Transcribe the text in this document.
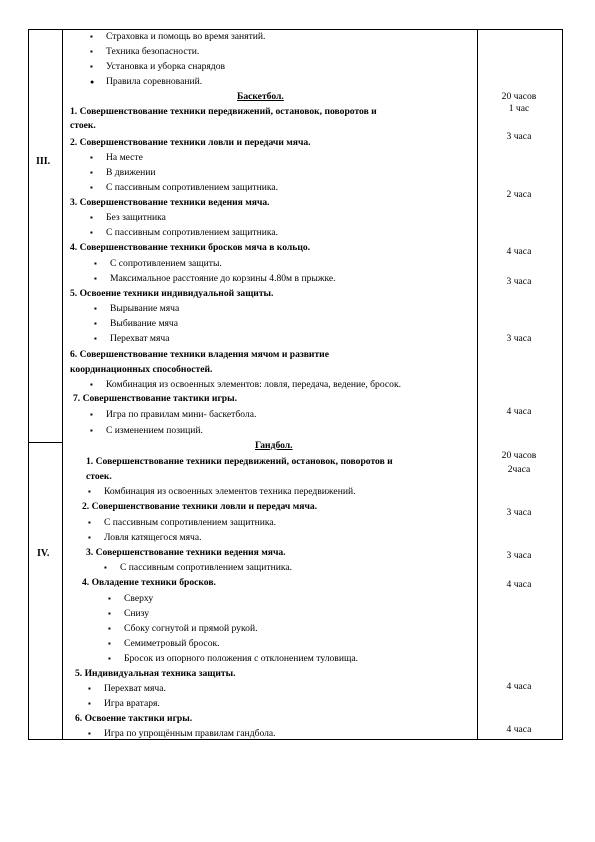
III.
IV.
▪ Страховка и помощь во время занятий.
▪ Техника безопасности.
▪ Установка и уборка снарядов
● Правила соревнований.
Баскетбол.
1. Совершенствование техники передвижений, остановок, поворотов и
стоек.
2. Совершенствование техники ловли и передачи мяча.
▪ На месте
▪ В движении
▪ С пассивным сопротивлением защитника.
3. Совершенствование техники ведения мяча.
▪ Без защитника
▪ С пассивным сопротивлением защитника.
4. Совершенствование техники бросков мяча в кольцо.
▪ С сопротивлением защиты.
▪ Максимальное расстояние до корзины 4.80м в прыжке.
5. Освоение техники индивидуальной защиты.
▪ Вырывание мяча
▪ Выбивание мяча
▪ Перехват мяча
6. Совершенствование техники владения мячом и развитие
координационных способностей.
▪ Комбинация из освоенных элементов: ловля, передача, ведение, бросок.
7. Совершенствование тактики игры.
▪ Игра по правилам мини- баскетбола.
▪ С изменением позиций.
Гандбол.
1. Совершенствование техники передвижений, остановок, поворотов и
стоек.
▪ Комбинация из освоенных элементов техника передвижений.
2. Совершенствование техники ловли и передач мяча.
▪ С пассивным сопротивлением защитника.
▪ Ловля катящегося мяча.
3. Совершенствование техники ведения мяча.
▪ С пассивным сопротивлением защитника.
4. Овладение техники бросков.
▪ Сверху
▪ Снизу
▪ Сбоку согнутой и прямой рукой.
▪ Семиметровый бросок.
▪ Бросок из опорного положения с отклонением туловища.
5. Индивидуальная техника защиты.
▪ Перехват мяча.
▪ Игра вратаря.
6. Освоение тактики игры.
▪ Игра по упрощённым правилам гандбола.
20 часов
1 час
3 часа
2 часа
4 часа
3 часа
3 часа
4 часа
20 часов
2часа
3 часа
3 часа
4 часа
4 часа
4 часа
